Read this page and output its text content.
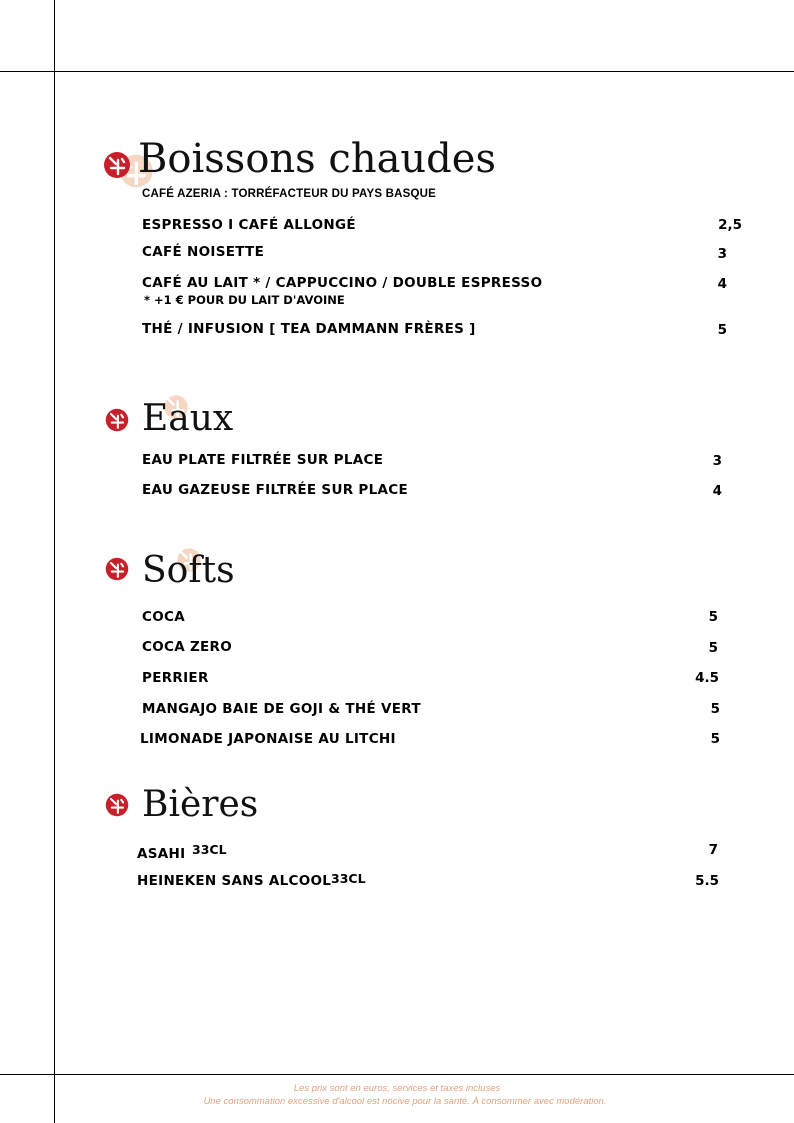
Boissons chaudes
CAFÉ AZERIA : TORRÉFACTEUR DU PAYS BASQUE
ESPRESSO I CAFÉ ALLONGÉ	2,5
CAFÉ NOISETTE	3
CAFÉ AU LAIT * / CAPPUCCINO / DOUBLE ESPRESSO	4
* +1 € POUR DU LAIT D'AVOINE
THÉ / INFUSION [ TEA DAMMANN FRÈRES ]	5
Eaux
EAU PLATE FILTRÉE SUR PLACE	3
EAU GAZEUSE FILTRÉE SUR PLACE	4
Softs
COCA	5
COCA ZERO	5
PERRIER	4.5
MANGAJO BAIE DE GOJI & THÉ VERT	5
LIMONADE JAPONAISE AU LITCHI	5
Bières
ASAHI 33CL	7
HEINEKEN SANS ALCOOL 33CL	5.5
Les prix sont en euros, services et taxes incluses
Une consommation excessive d'alcool est nocive pour la santé. À consommer avec modération.
